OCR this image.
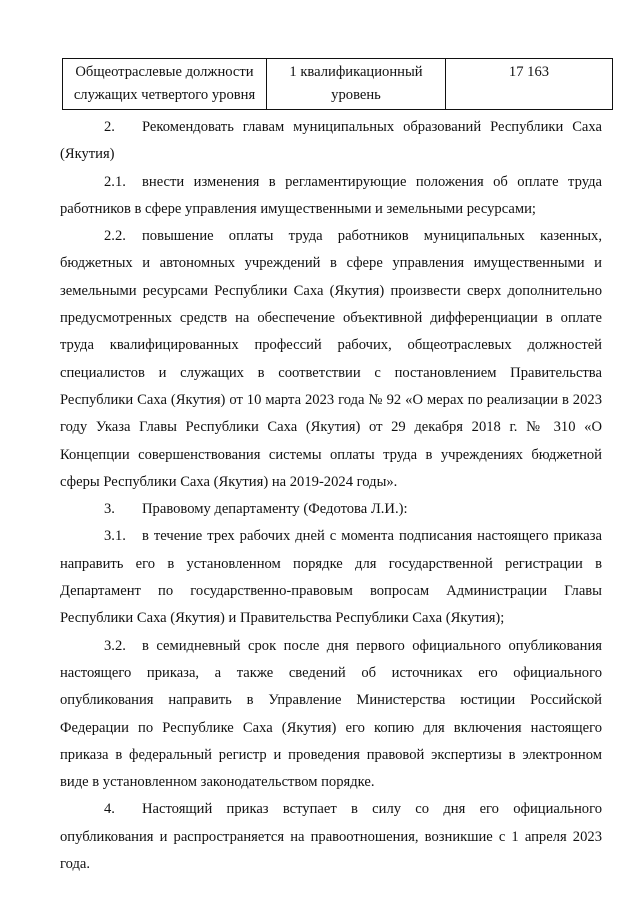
Общеотраслевые должности служащих четвертого уровня	1 квалификационный уровень	17 163

2. Рекомендовать главам муниципальных образований Республики Саха (Якутия)

2.1. внести изменения в регламентирующие положения об оплате труда работников в сфере управления имущественными и земельными ресурсами;

2.2. повышение оплаты труда работников муниципальных казенных, бюджетных и автономных учреждений в сфере управления имущественными и земельными ресурсами Республики Саха (Якутия) произвести сверх дополнительно предусмотренных средств на обеспечение объективной дифференциации в оплате труда квалифицированных профессий рабочих, общеотраслевых должностей специалистов и служащих в соответствии с постановлением Правительства Республики Саха (Якутия) от 10 марта 2023 года № 92 «О мерах по реализации в 2023 году Указа Главы Республики Саха (Якутия) от 29 декабря 2018 г. № 310 «О Концепции совершенствования системы оплаты труда в учреждениях бюджетной сферы Республики Саха (Якутия) на 2019-2024 годы».

3. Правовому департаменту (Федотова Л.И.):

3.1. в течение трех рабочих дней с момента подписания настоящего приказа направить его в установленном порядке для государственной регистрации в Департамент по государственно-правовым вопросам Администрации Главы Республики Саха (Якутия) и Правительства Республики Саха (Якутия);

3.2. в семидневный срок после дня первого официального опубликования настоящего приказа, а также сведений об источниках его официального опубликования направить в Управление Министерства юстиции Российской Федерации по Республике Саха (Якутия) его копию для включения настоящего приказа в федеральный регистр и проведения правовой экспертизы в электронном виде в установленном законодательством порядке.

4. Настоящий приказ вступает в силу со дня его официального опубликования и распространяется на правоотношения, возникшие с 1 апреля 2023 года.
